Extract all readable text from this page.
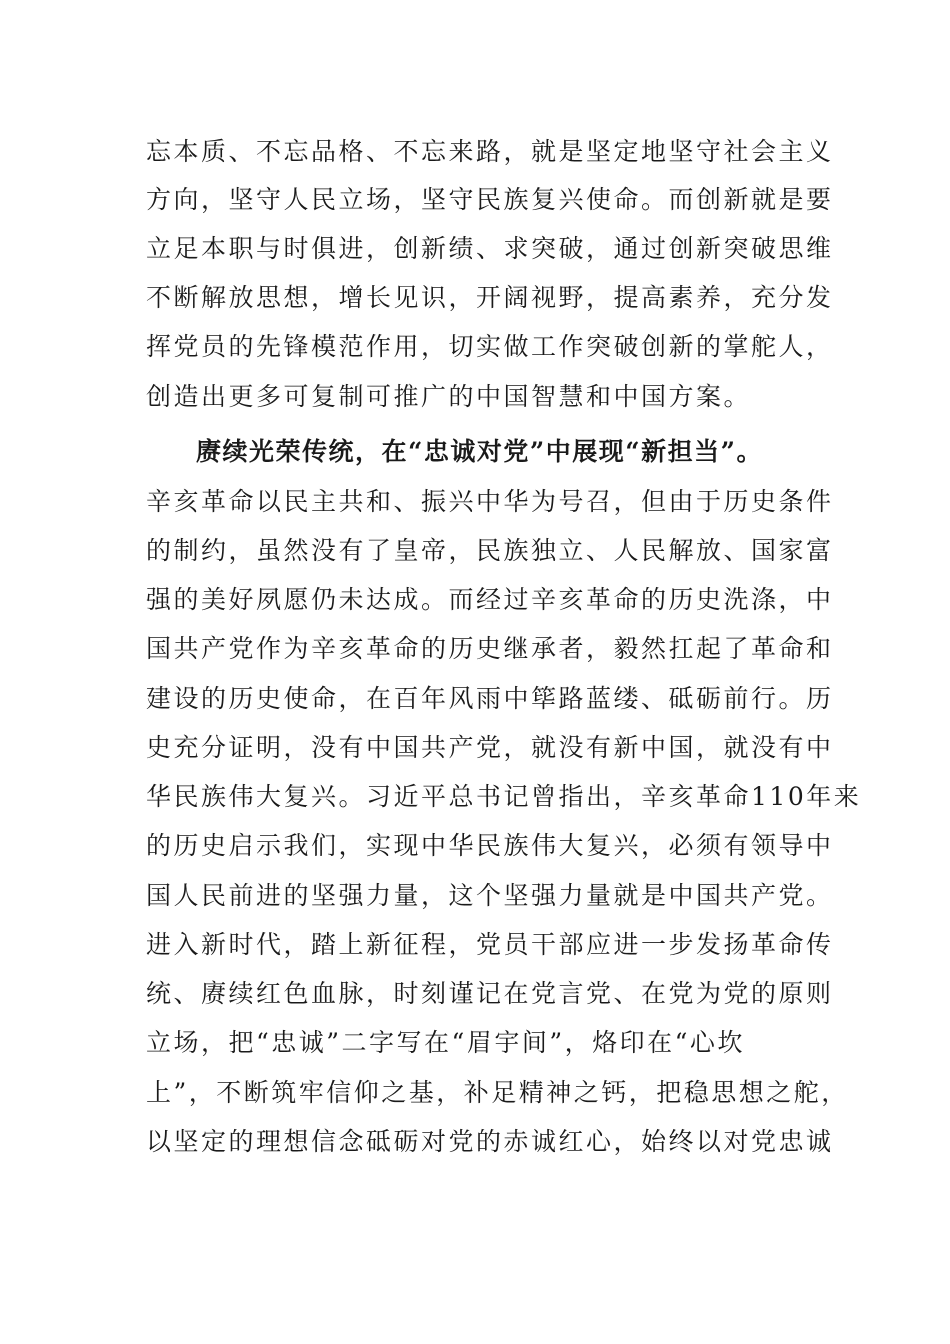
忘本质、不忘品格、不忘来路，就是坚定地坚守社会主义

方向，坚守人民立场，坚守民族复兴使命。而创新就是要

立足本职与时俱进，创新绩、求突破，通过创新突破思维

不断解放思想，增长见识，开阔视野，提高素养，充分发

挥党员的先锋模范作用，切实做工作突破创新的掌舵人，

创造出更多可复制可推广的中国智慧和中国方案。

赓续光荣传统，在“忠诚对党”中展现“新担当”。

辛亥革命以民主共和、振兴中华为号召，但由于历史条件

的制约，虽然没有了皇帝，民族独立、人民解放、国家富

强的美好夙愿仍未达成。而经过辛亥革命的历史洗涤，中

国共产党作为辛亥革命的历史继承者，毅然扛起了革命和

建设的历史使命，在百年风雨中筚路蓝缕、砥砺前行。历

史充分证明，没有中国共产党，就没有新中国，就没有中

华民族伟大复兴。习近平总书记曾指出，辛亥革命110年来

的历史启示我们，实现中华民族伟大复兴，必须有领导中

国人民前进的坚强力量，这个坚强力量就是中国共产党。

进入新时代，踏上新征程，党员干部应进一步发扬革命传

统、赓续红色血脉，时刻谨记在党言党、在党为党的原则

立场，把“忠诚”二字写在“眉宇间”，烙印在“心坎

上”，不断筑牢信仰之基，补足精神之钙，把稳思想之舵，

以坚定的理想信念砥砺对党的赤诚红心，始终以对党忠诚
